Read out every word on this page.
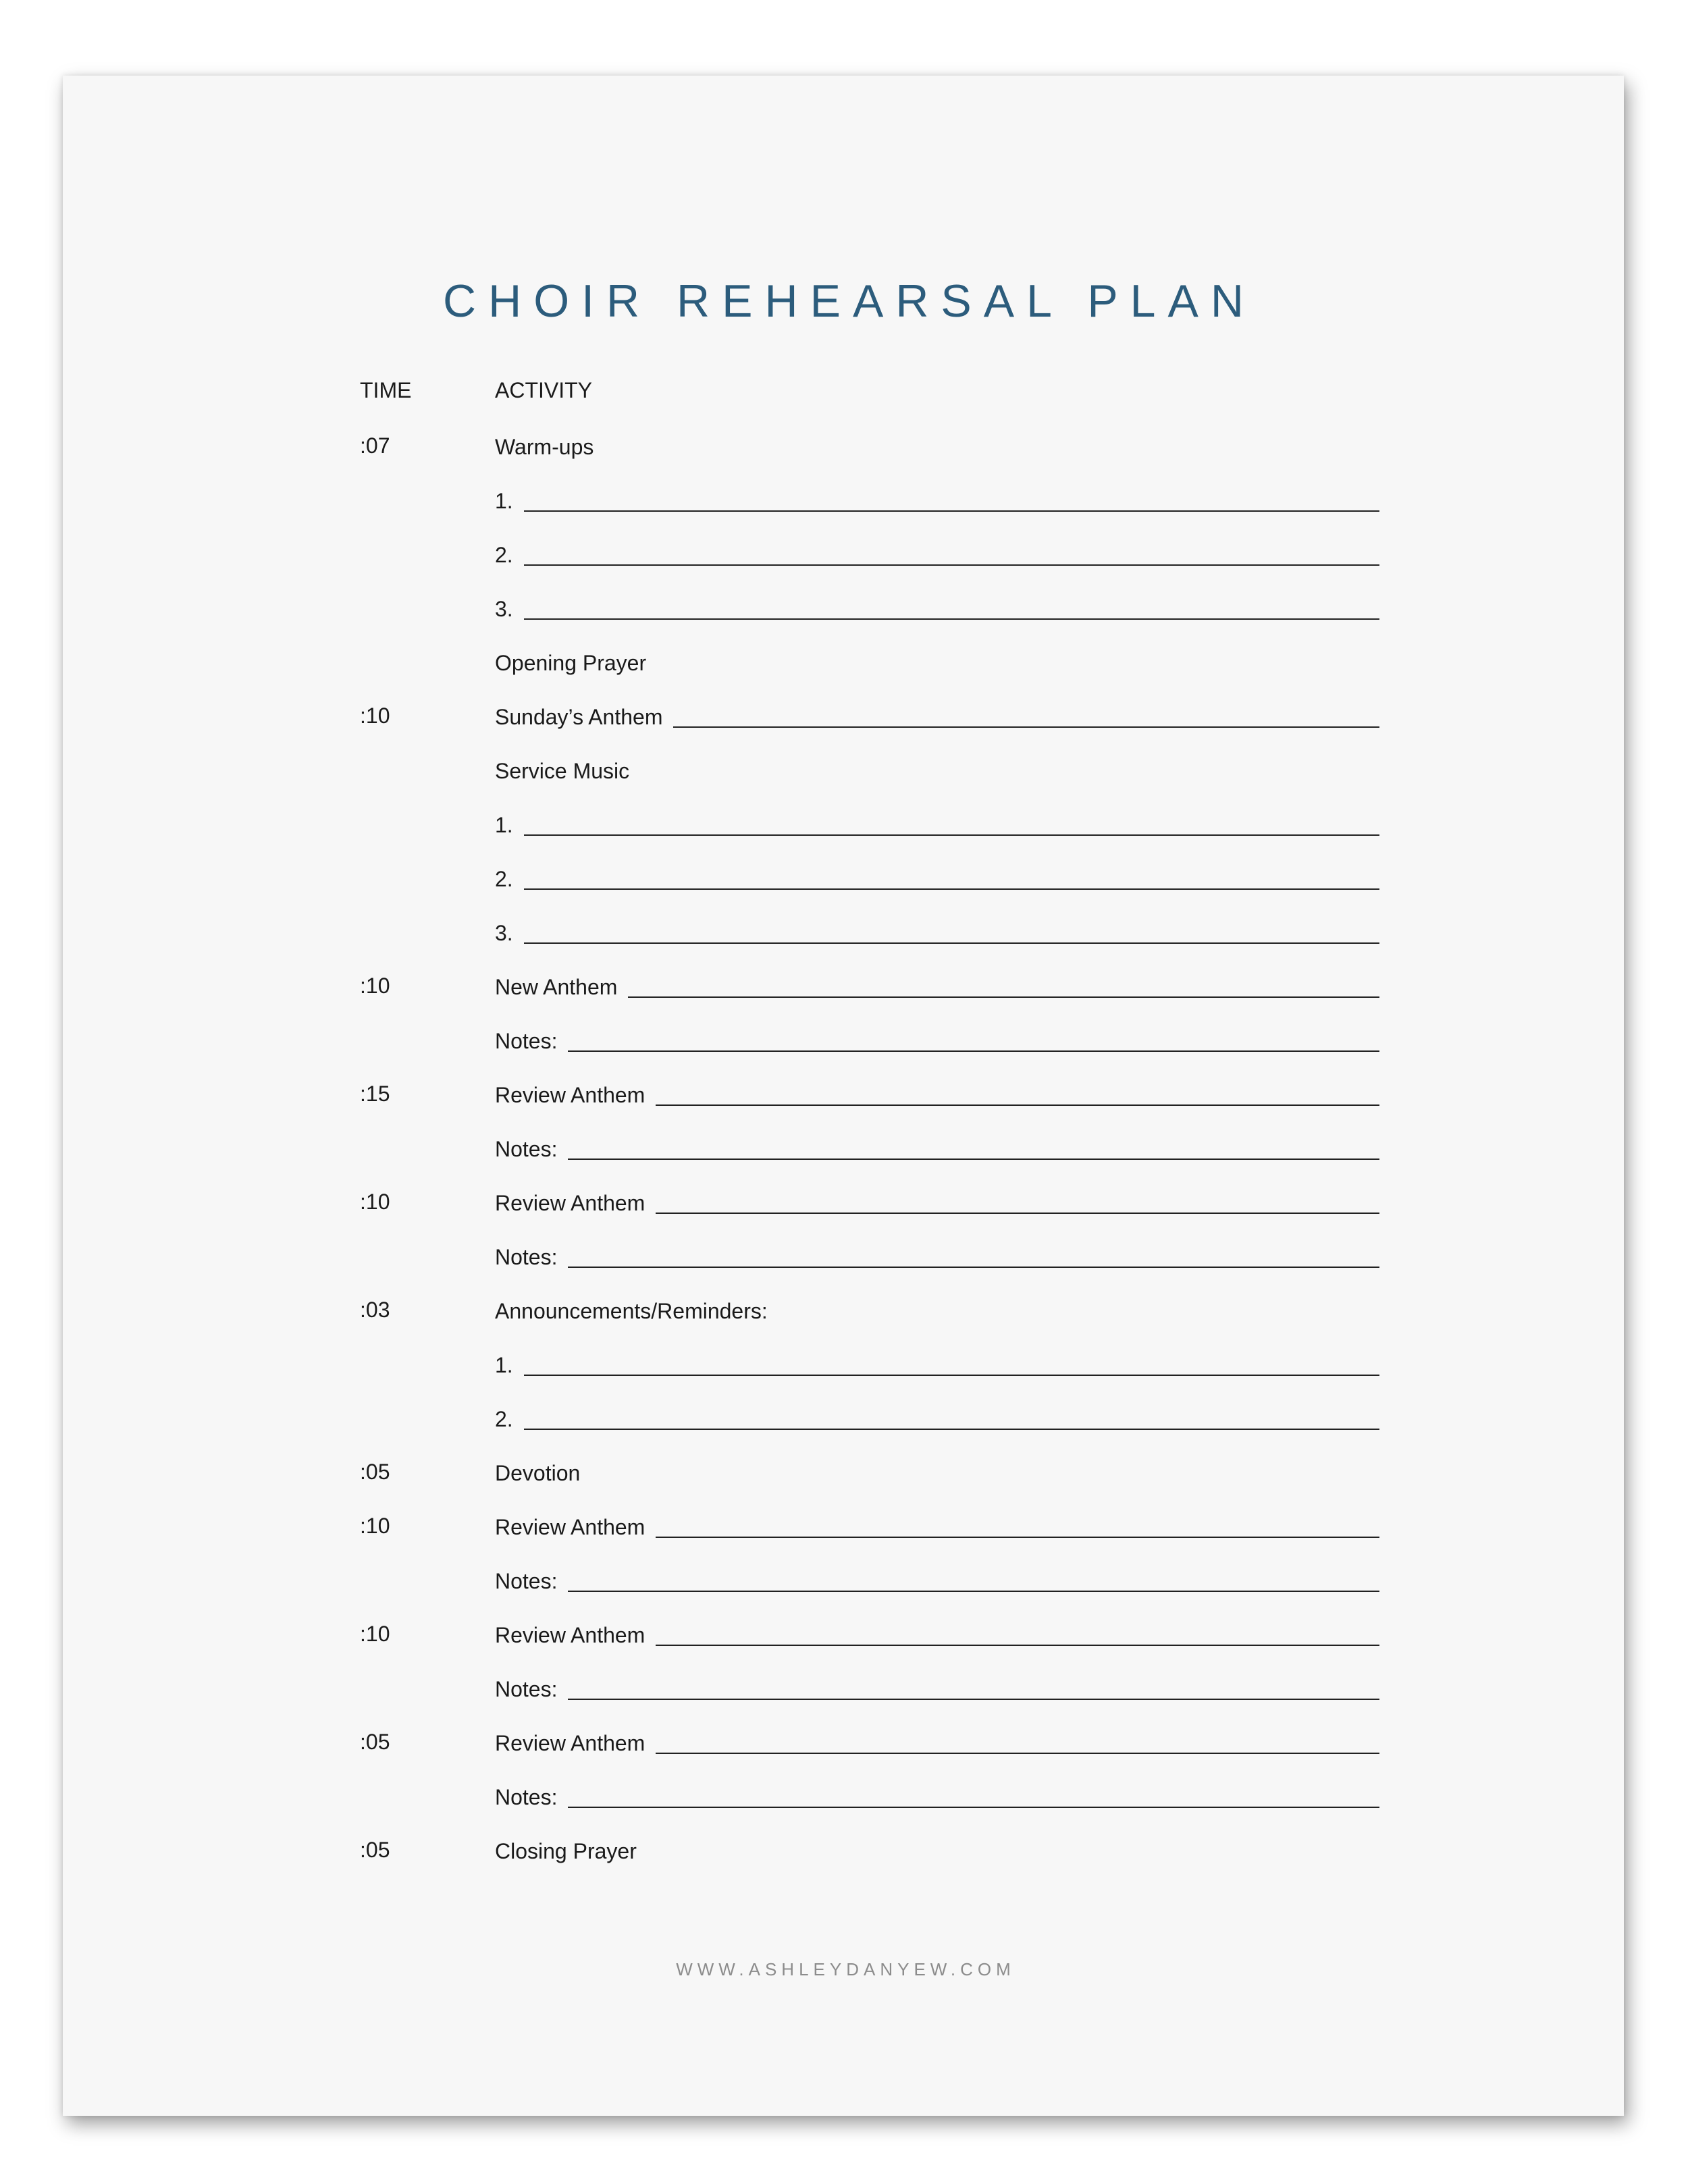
CHOIR REHEARSAL PLAN
TIME	ACTIVITY
:07	Warm-ups
1.
2.
3.
Opening Prayer
:10	Sunday’s Anthem
Service Music
1.
2.
3.
:10	New Anthem
Notes:
:15	Review Anthem
Notes:
:10	Review Anthem
Notes:
:03	Announcements/Reminders:
1.
2.
:05	Devotion
:10	Review Anthem
Notes:
:10	Review Anthem
Notes:
:05	Review Anthem
Notes:
:05	Closing Prayer
WWW.ASHLEYDANYEW.COM
